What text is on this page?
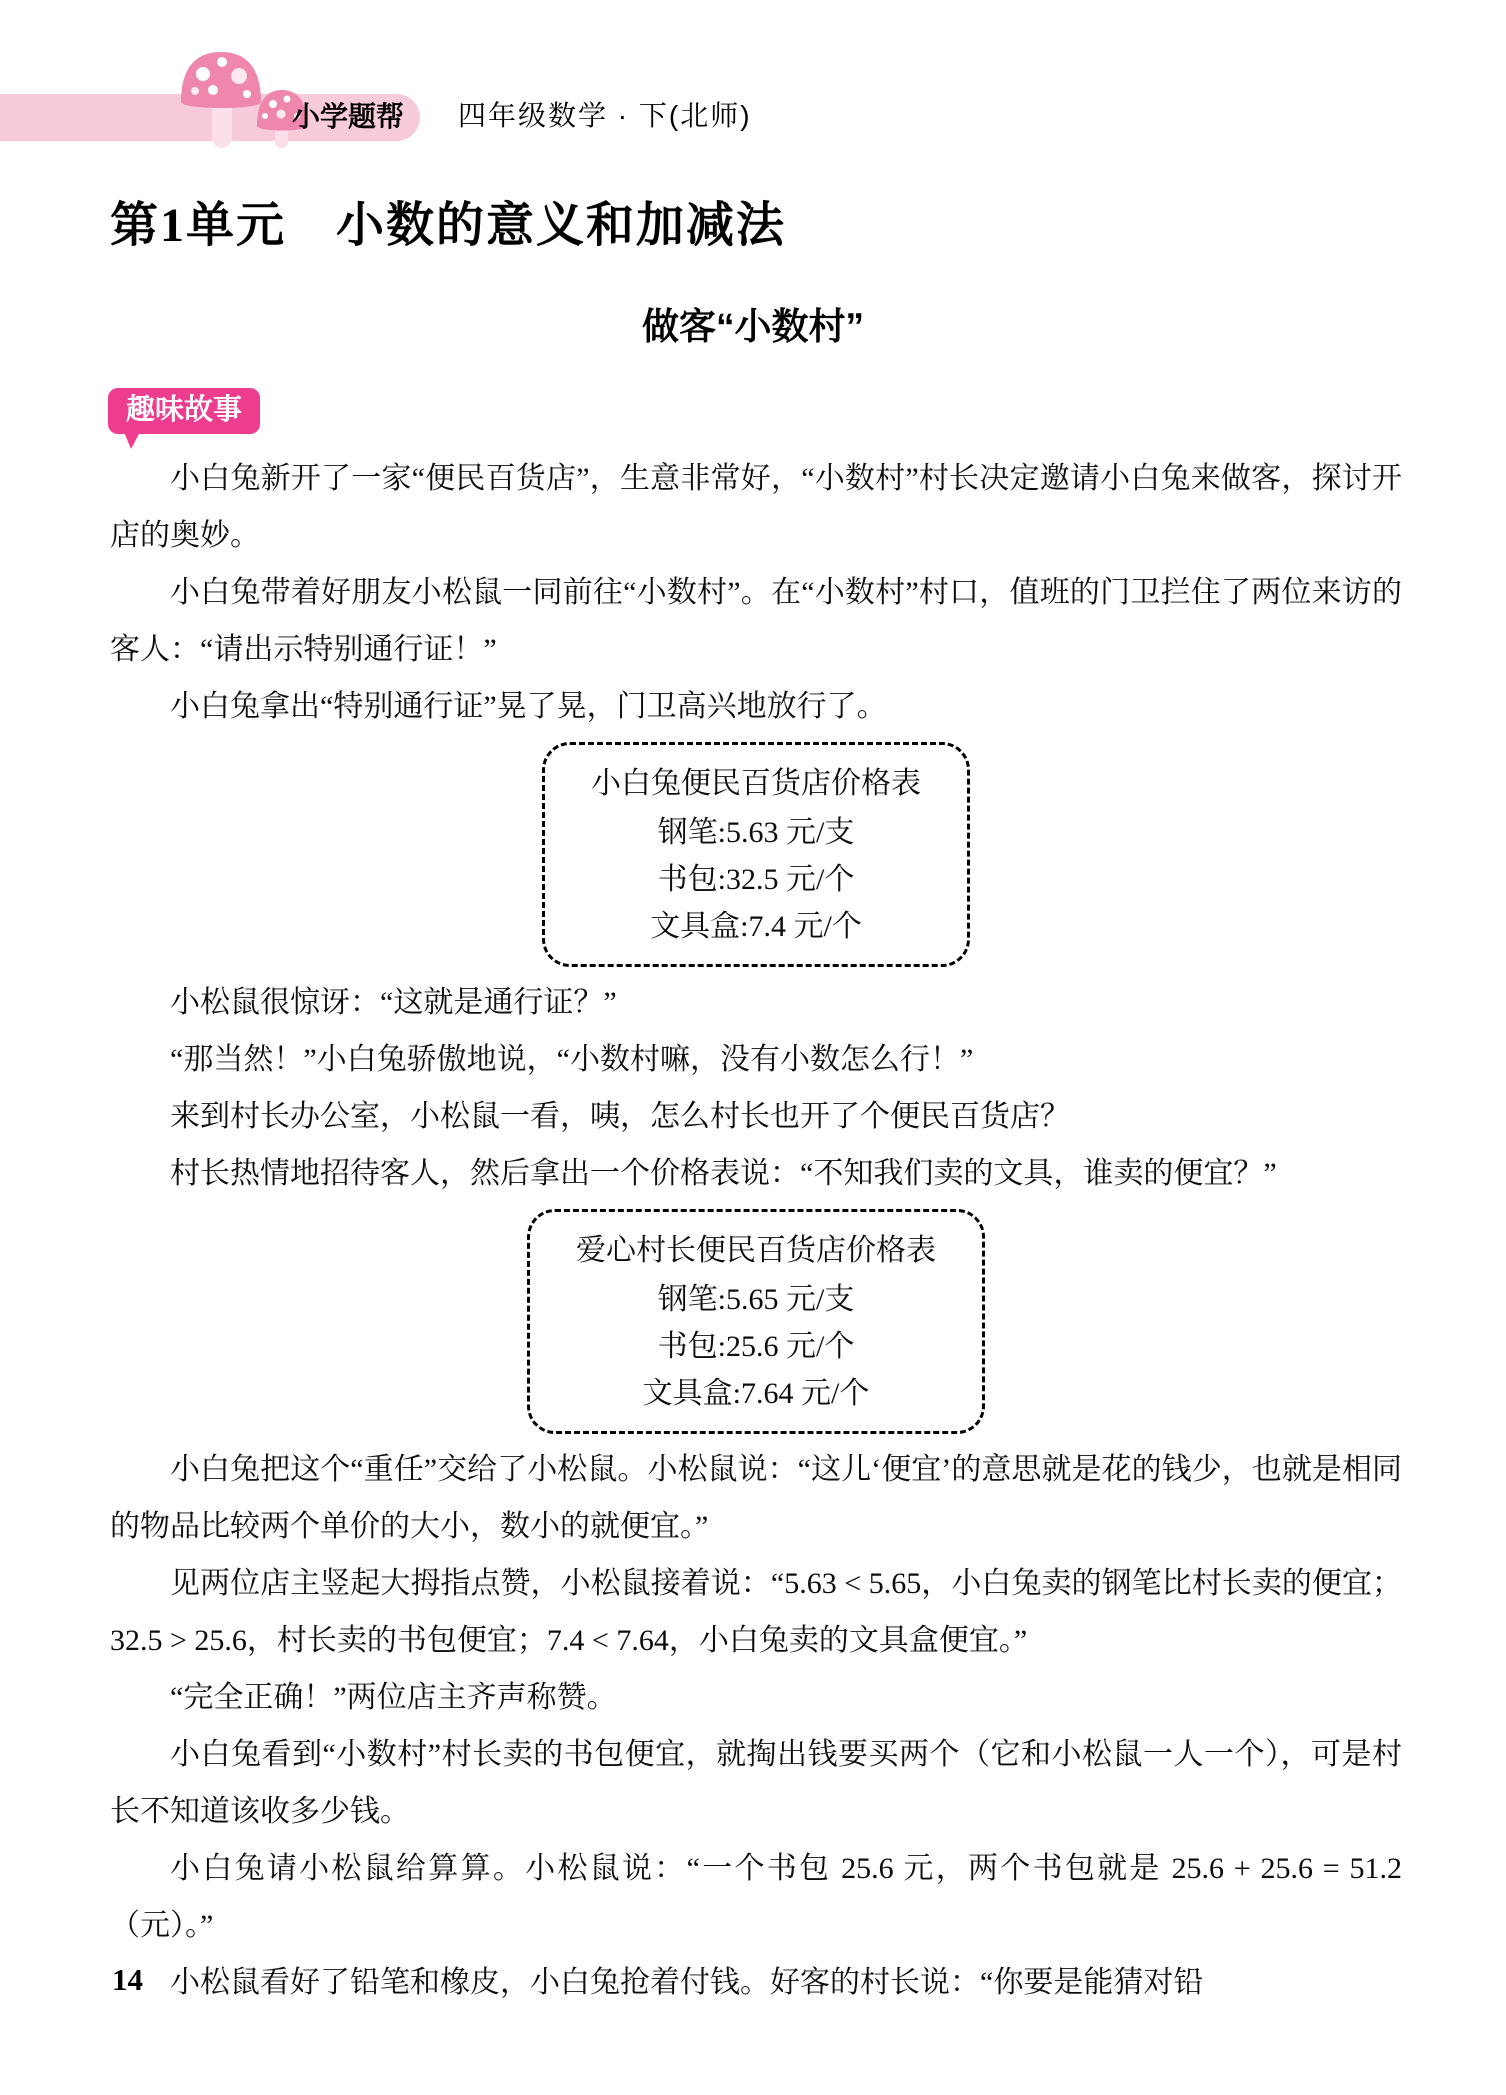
小学题帮 四年级数学 · 下(北师)
第1单元　小数的意义和加减法
做客“小数村”
趣味故事

小白兔新开了一家“便民百货店”，生意非常好，“小数村”村长决定邀请小白兔来做客，探讨开店的奥妙。

小白兔带着好朋友小松鼠一同前往“小数村”。在“小数村”村口，值班的门卫拦住了两位来访的客人：“请出示特别通行证！”

小白兔拿出“特别通行证”晃了晃，门卫高兴地放行了。

小白兔便民百货店价格表
钢笔:5.63 元/支
书包:32.5 元/个
文具盒:7.4 元/个

小松鼠很惊讶：“这就是通行证？”

“那当然！”小白兔骄傲地说，“小数村嘛，没有小数怎么行！”

来到村长办公室，小松鼠一看，咦，怎么村长也开了个便民百货店？

村长热情地招待客人，然后拿出一个价格表说：“不知我们卖的文具，谁卖的便宜？”

爱心村长便民百货店价格表
钢笔:5.65 元/支
书包:25.6 元/个
文具盒:7.64 元/个

小白兔把这个“重任”交给了小松鼠。小松鼠说：“这儿‘便宜’的意思就是花的钱少，也就是相同的物品比较两个单价的大小，数小的就便宜。”

见两位店主竖起大拇指点赞，小松鼠接着说：“5.63 < 5.65，小白兔卖的钢笔比村长卖的便宜；32.5 > 25.6，村长卖的书包便宜；7.4 < 7.64，小白兔卖的文具盒便宜。”

“完全正确！”两位店主齐声称赞。

小白兔看到“小数村”村长卖的书包便宜，就掏出钱要买两个（它和小松鼠一人一个），可是村长不知道该收多少钱。

小白兔请小松鼠给算算。小松鼠说：“一个书包 25.6 元，两个书包就是 25.6 + 25.6 = 51.2（元）。”

小松鼠看好了铅笔和橡皮，小白兔抢着付钱。好客的村长说：“你要是能猜对铅

14
